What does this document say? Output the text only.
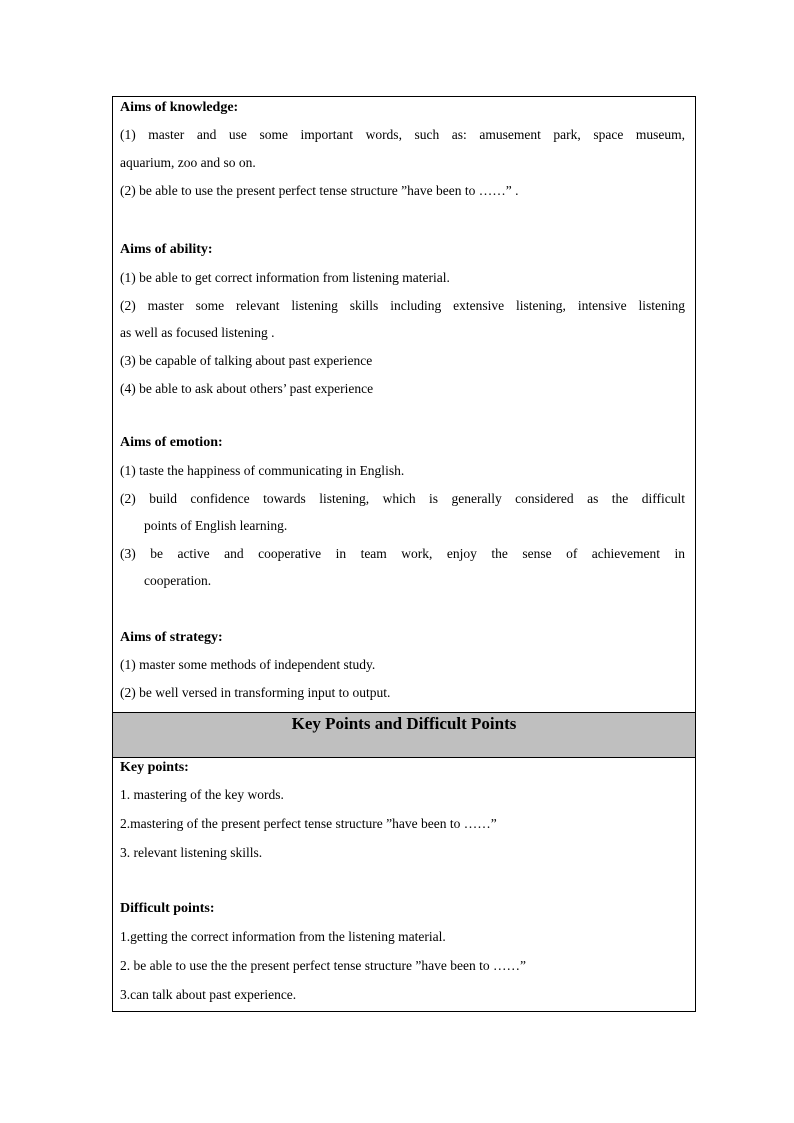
Aims of knowledge:
(1) master and use some important words, such as: amusement park, space museum,
aquarium, zoo and so on.
(2) be able to use the present perfect tense structure ”have been to ……” .
Aims of ability:
(1) be able to get correct information from listening material.
(2) master some relevant listening skills including extensive listening, intensive listening
as well as focused listening .
(3) be capable of talking about past experience
(4) be able to ask about others’ past experience
Aims of emotion:
(1) taste the happiness of communicating in English.
(2) build confidence towards listening, which is generally considered as the difficult
points of English learning.
(3) be active and cooperative in team work, enjoy the sense of achievement in
cooperation.
Aims of strategy:
(1) master some methods of independent study.
(2) be well versed in transforming input to output.
Key Points and Difficult Points
Key points:
1. mastering of the key words.
2.mastering of the present perfect tense structure ”have been to ……”
3. relevant listening skills.
Difficult points:
1.getting the correct information from the listening material.
2. be able to use the the present perfect tense structure ”have been to ……”
3.can talk about past experience.
